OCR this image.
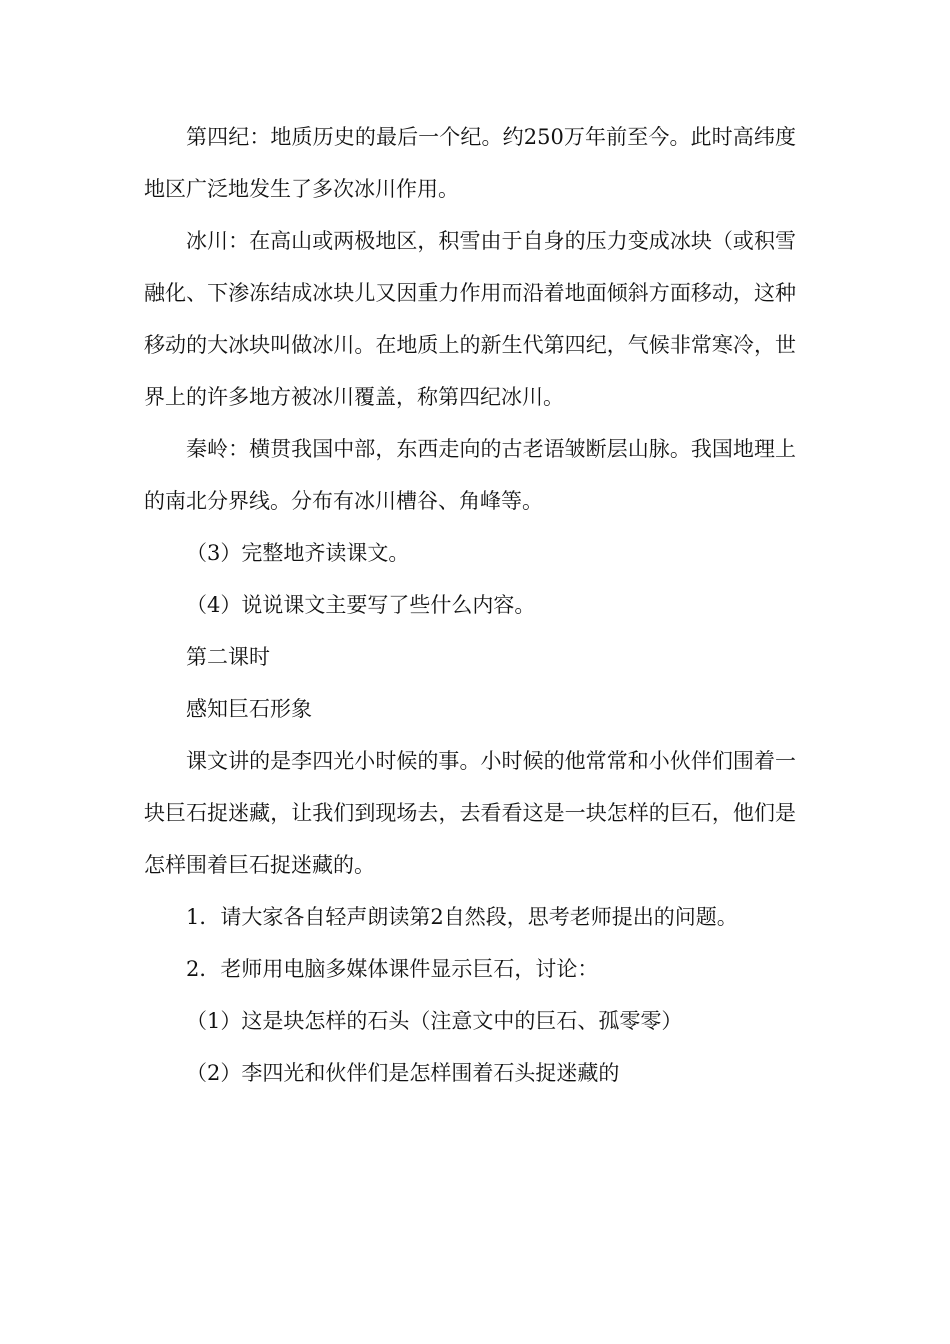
第四纪：地质历史的最后一个纪。约250万年前至今。此时高纬度地区广泛地发生了多次冰川作用。

冰川：在高山或两极地区，积雪由于自身的压力变成冰块（或积雪融化、下渗冻结成冰块儿又因重力作用而沿着地面倾斜方面移动，这种移动的大冰块叫做冰川。在地质上的新生代第四纪，气候非常寒冷，世界上的许多地方被冰川覆盖，称第四纪冰川。

秦岭：横贯我国中部，东西走向的古老语皱断层山脉。我国地理上的南北分界线。分布有冰川槽谷、角峰等。

（3）完整地齐读课文。

（4）说说课文主要写了些什么内容。

第二课时

感知巨石形象

课文讲的是李四光小时候的事。小时候的他常常和小伙伴们围着一块巨石捉迷藏，让我们到现场去，去看看这是一块怎样的巨石，他们是怎样围着巨石捉迷藏的。

1．请大家各自轻声朗读第2自然段，思考老师提出的问题。

2．老师用电脑多媒体课件显示巨石，讨论：

（1）这是块怎样的石头（注意文中的巨石、孤零零）

（2）李四光和伙伴们是怎样围着石头捉迷藏的
